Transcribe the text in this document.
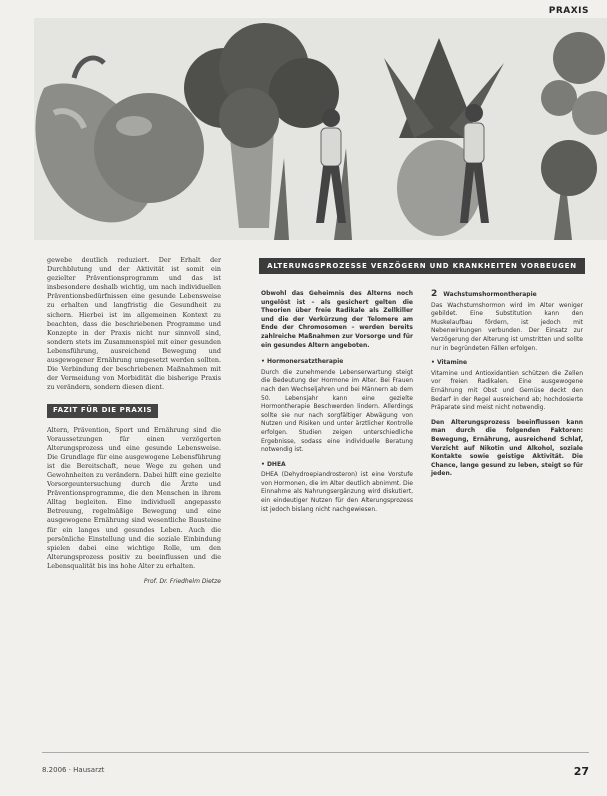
PRAXIS

gewebe deutlich reduziert. Der Erhalt der Durchblutung und der Aktivität ist somit ein gezielter Präventionsprogramm und das ist insbesondere deshalb wichtig, um nach individuellen Präventionsbedürfnissen eine gesunde Lebensweise zu erhalten und langfristig die Gesundheit zu sichern. Hierbei ist im allgemeinen Kontext zu beachten, dass die beschriebenen Programme und Konzepte in der Praxis nicht nur sinnvoll sind, sondern stets im Zusammenspiel mit einer gesunden Lebensführung, ausreichend Bewegung und ausgewogener Ernährung umgesetzt werden sollten. Die Verbindung der beschriebenen Maßnahmen mit der Vermeidung von Morbidität die bisherige Praxis zu verändern, sondern diesen dient.

FAZIT FÜR DIE PRAXIS

Altern, Prävention, Sport und Ernährung sind die Voraussetzungen für einen verzögerten Alterungsprozess und eine gesunde Lebensweise. Die Grundlage für eine ausgewogene Lebensführung ist die Bereitschaft, neue Wege zu gehen und Gewohnheiten zu verändern. Dabei hilft eine gezielte Vorsorgeuntersuchung durch die Ärzte und Präventionsprogramme, die den Menschen in ihrem Alltag begleiten. Eine individuell angepasste Betreuung, regelmäßige Bewegung und eine ausgewogene Ernährung sind wesentliche Bausteine für ein langes und gesundes Leben. Auch die persönliche Einstellung und die soziale Einbindung spielen dabei eine wichtige Rolle, um den Alterungsprozess positiv zu beeinflussen und die Lebensqualität bis ins hohe Alter zu erhalten.

Prof. Dr. Friedhelm Dietze
ALTERUNGSPROZESSE VERZÖGERN UND KRANKHEITEN VORBEUGEN

Obwohl das Geheimnis des Alterns noch ungelöst ist – als gesichert gelten die Theorien über freie Radikale als Zellkiller und die der Verkürzung der Telomere am Ende der Chromosomen – werden bereits zahlreiche Maßnahmen zur Vorsorge und für ein gesundes Altern angeboten.

• Hormonersatztherapie

Durch die zunehmende Lebenserwartung steigt die Bedeutung der Hormone im Alter. Bei Frauen nach den Wechseljahren und bei Männern ab dem 50. Lebensjahr kann eine gezielte Hormontherapie Beschwerden lindern. Allerdings sollte sie nur nach sorgfältiger Abwägung von Nutzen und Risiken und unter ärztlicher Kontrolle erfolgen. Studien zeigen unterschiedliche Ergebnisse, sodass eine individuelle Beratung notwendig ist.

• DHEA

DHEA (Dehydroepiandrosteron) ist eine Vorstufe von Hormonen, die im Alter deutlich abnimmt. Die Einnahme als Nahrungsergänzung wird diskutiert, ein eindeutiger Nutzen für den Alterungsprozess ist jedoch bislang nicht nachgewiesen.

2 Wachstumshormontherapie

Das Wachstumshormon wird im Alter weniger gebildet. Eine Substitution kann den Muskelaufbau fördern, ist jedoch mit Nebenwirkungen verbunden. Der Einsatz zur Verzögerung der Alterung ist umstritten und sollte nur in begründeten Fällen erfolgen.

• Vitamine

Vitamine und Antioxidantien schützen die Zellen vor freien Radikalen. Eine ausgewogene Ernährung mit Obst und Gemüse deckt den Bedarf in der Regel ausreichend ab; hochdosierte Präparate sind meist nicht notwendig.

Den Alterungsprozess beeinflussen kann man durch die folgenden Faktoren: Bewegung, Ernährung, ausreichend Schlaf, Verzicht auf Nikotin und Alkohol, soziale Kontakte sowie geistige Aktivität. Die Chance, lange gesund zu leben, steigt so für jeden.

8.2006 · Hausarzt	27
